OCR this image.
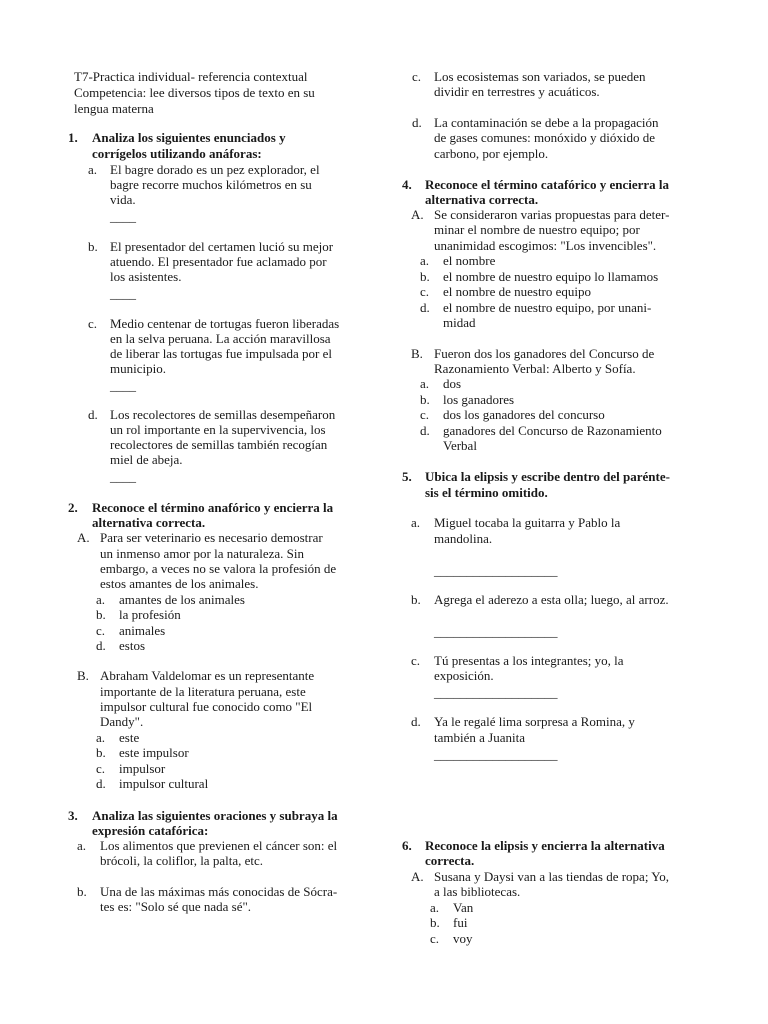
T7-Practica individual- referencia contextual
Competencia: lee diversos tipos de texto en su
lengua materna
1. Analiza los siguientes enunciados y
corrígelos utilizando anáforas:
a. El bagre dorado es un pez explorador, el
bagre recorre muchos kilómetros en su
vida.
____
b. El presentador del certamen lució su mejor
atuendo. El presentador fue aclamado por
los asistentes.
____
c. Medio centenar de tortugas fueron liberadas
en la selva peruana. La acción maravillosa
de liberar las tortugas fue impulsada por el
municipio.
____
d. Los recolectores de semillas desempeñaron
un rol importante en la supervivencia, los
recolectores de semillas también recogían
miel de abeja.
____
2. Reconoce el término anafórico y encierra la
alternativa correcta.
A. Para ser veterinario es necesario demostrar
un inmenso amor por la naturaleza. Sin
embargo, a veces no se valora la profesión de
estos amantes de los animales.
a. amantes de los animales
b. la profesión
c. animales
d. estos
B. Abraham Valdelomar es un representante
importante de la literatura peruana, este
impulsor cultural fue conocido como "El
Dandy".
a. este
b. este impulsor
c. impulsor
d. impulsor cultural
3. Analiza las siguientes oraciones y subraya la
expresión catafórica:
a. Los alimentos que previenen el cáncer son: el
brócoli, la coliflor, la palta, etc.
b. Una de las máximas más conocidas de Sócra-
tes es: "Solo sé que nada sé".
c. Los ecosistemas son variados, se pueden
dividir en terrestres y acuáticos.
d. La contaminación se debe a la propagación
de gases comunes: monóxido y dióxido de
carbono, por ejemplo.
4. Reconoce el término catafórico y encierra la
alternativa correcta.
A. Se consideraron varias propuestas para deter-
minar el nombre de nuestro equipo; por
unanimidad escogimos: "Los invencibles".
a. el nombre
b. el nombre de nuestro equipo lo llamamos
c. el nombre de nuestro equipo
d. el nombre de nuestro equipo, por unani-
midad
B. Fueron dos los ganadores del Concurso de
Razonamiento Verbal: Alberto y Sofía.
a. dos
b. los ganadores
c. dos los ganadores del concurso
d. ganadores del Concurso de Razonamiento
Verbal
5. Ubica la elipsis y escribe dentro del parénte-
sis el término omitido.
a. Miguel tocaba la guitarra y Pablo la
mandolina.
___________________
b. Agrega el aderezo a esta olla; luego, al arroz.
___________________
c. Tú presentas a los integrantes; yo, la
exposición.
___________________
d. Ya le regalé lima sorpresa a Romina, y
también a Juanita
___________________
6. Reconoce la elipsis y encierra la alternativa
correcta.
A. Susana y Daysi van a las tiendas de ropa; Yo,
a las bibliotecas.
a. Van
b. fui
c. voy
